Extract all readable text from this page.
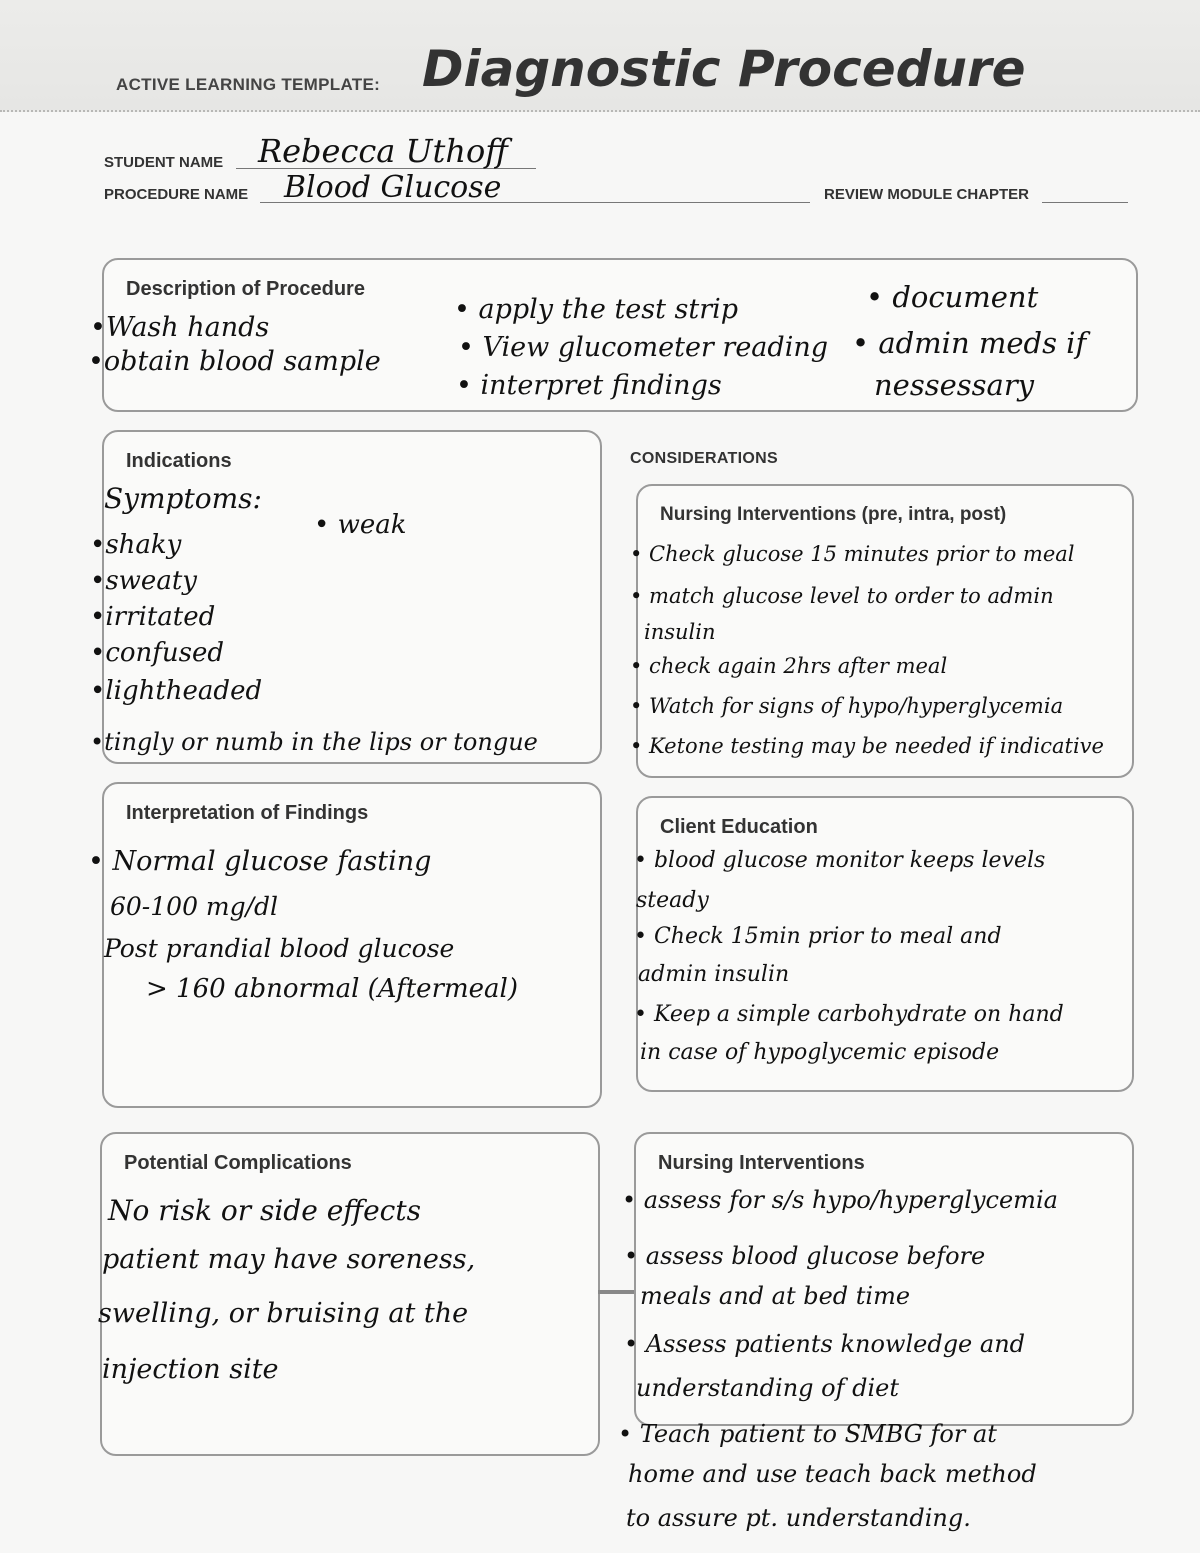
ACTIVE LEARNING TEMPLATE: Diagnostic Procedure
STUDENT NAME Rebecca Uthoff
PROCEDURE NAME Blood Glucose	REVIEW MODULE CHAPTER
Description of Procedure
•Wash hands
•obtain blood sample
• apply the test strip
• View glucometer reading
• interpret findings
• document
• admin meds if
nessessary
Indications
Symptoms:
•shaky
•sweaty
•irritated
•confused
•lightheaded
•tingly or numb in the lips or tongue
• weak
CONSIDERATIONS
Nursing Interventions (pre, intra, post)
• Check glucose 15 minutes prior to meal
• match glucose level to order to admin
insulin
• check again 2hrs after meal
• Watch for signs of hypo/hyperglycemia
• Ketone testing may be needed if indicative
Interpretation of Findings
• Normal glucose fasting
60-100 mg/dl
Post prandial blood glucose
> 160 abnormal (Aftermeal)
Client Education
• blood glucose monitor keeps levels
steady
• Check 15min prior to meal and
admin insulin
• Keep a simple carbohydrate on hand
in case of hypoglycemic episode
Potential Complications
No risk or side effects
patient may have soreness,
swelling, or bruising at the
injection site
Nursing Interventions
• assess for s/s hypo/hyperglycemia
• assess blood glucose before
meals and at bed time
• Assess patients knowledge and
understanding of diet
• Teach patient to SMBG for at
home and use teach back method
to assure pt. understanding.
